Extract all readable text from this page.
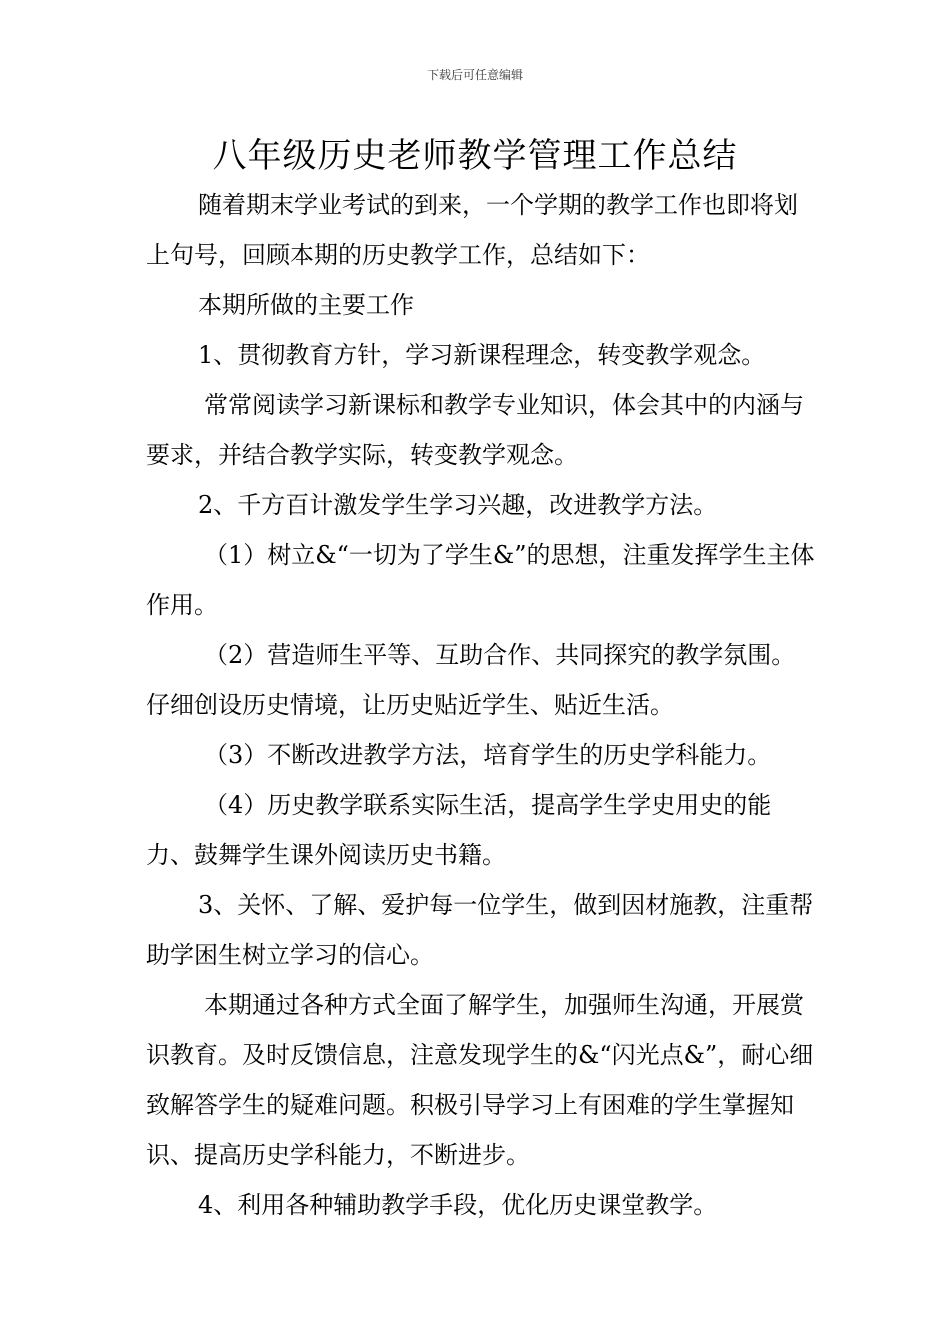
下载后可任意编辑
八年级历史老师教学管理工作总结

随着期末学业考试的到来，一个学期的教学工作也即将划上句号，回顾本期的历史教学工作，总结如下：

本期所做的主要工作

1、贯彻教育方针，学习新课程理念，转变教学观念。

常常阅读学习新课标和教学专业知识，体会其中的内涵与要求，并结合教学实际，转变教学观念。

2、千方百计激发学生学习兴趣，改进教学方法。

（1）树立&“一切为了学生&”的思想，注重发挥学生主体作用。

（2）营造师生平等、互助合作、共同探究的教学氛围。仔细创设历史情境，让历史贴近学生、贴近生活。

（3）不断改进教学方法，培育学生的历史学科能力。

（4）历史教学联系实际生活，提高学生学史用史的能力、鼓舞学生课外阅读历史书籍。

3、关怀、了解、爱护每一位学生，做到因材施教，注重帮助学困生树立学习的信心。

本期通过各种方式全面了解学生，加强师生沟通，开展赏识教育。及时反馈信息，注意发现学生的&“闪光点&”，耐心细致解答学生的疑难问题。积极引导学习上有困难的学生掌握知识、提高历史学科能力，不断进步。

4、利用各种辅助教学手段，优化历史课堂教学。
